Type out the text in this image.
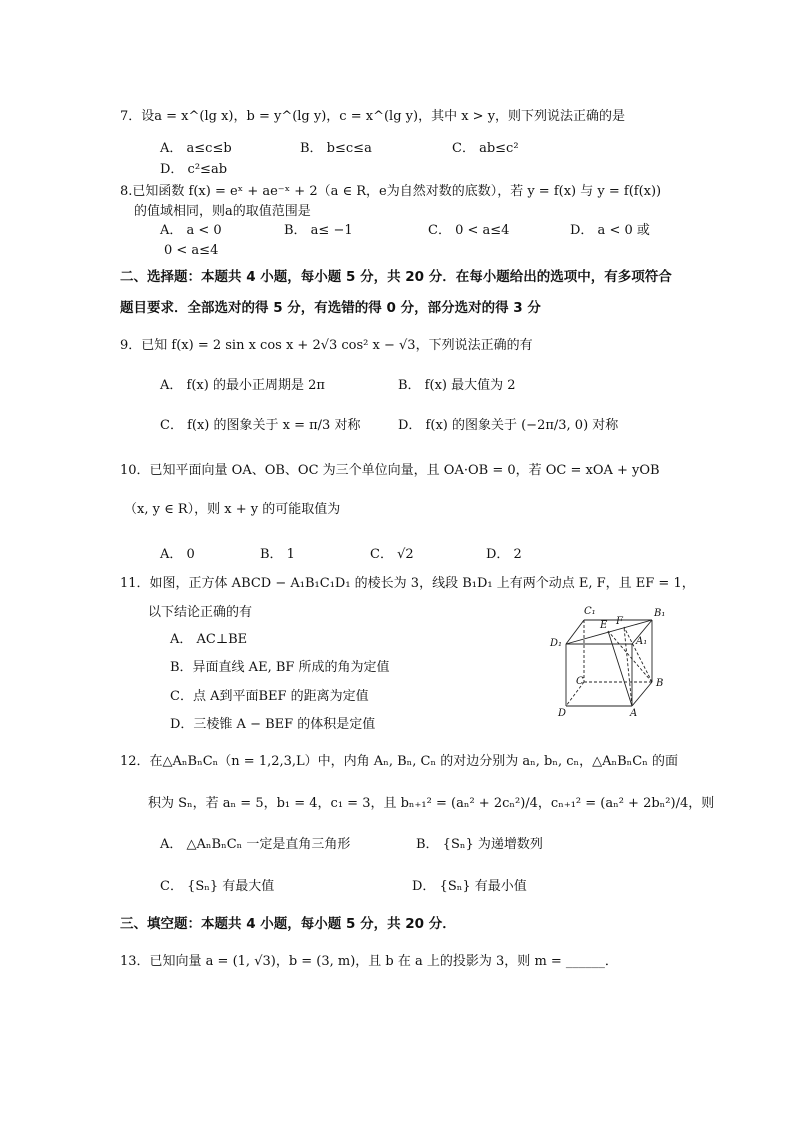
7．设a = x^(lg x)，b = y^(lg y)，c = x^(lg y)，其中 x > y，则下列说法正确的是
A． a≤c≤b	B． b≤c≤a	C． ab≤c²
D． c²≤ab
8.已知函数 f(x) = eˣ + ae⁻ˣ + 2（a ∈ R，e为自然对数的底数），若 y = f(x) 与 y = f(f(x))
的值域相同，则a的取值范围是
A． a < 0	B． a≤ −1	C． 0 < a≤4	D． a < 0 或
0 < a≤4
二、选择题：本题共 4 小题，每小题 5 分，共 20 分．在每小题给出的选项中，有多项符合
题目要求．全部选对的得 5 分，有选错的得 0 分，部分选对的得 3 分
9．已知 f(x) = 2 sin x cos x + 2√3 cos² x − √3，下列说法正确的有
A． f(x) 的最小正周期是 2π	B． f(x) 最大值为 2
C． f(x) 的图象关于 x = π/3 对称	D． f(x) 的图象关于 (−2π/3, 0) 对称
10．已知平面向量 OA、OB、OC 为三个单位向量，且 OA·OB = 0，若 OC = xOA + yOB
（x, y ∈ R），则 x + y 的可能取值为
A． 0	B． 1	C． √2	D． 2
11．如图，正方体 ABCD − A₁B₁C₁D₁ 的棱长为 3，线段 B₁D₁ 上有两个动点 E, F，且 EF = 1，
以下结论正确的有
A． AC⊥BE
B．异面直线 AE, BF 所成的角为定值
C．点 A到平面BEF 的距离为定值
D．三棱锥 A − BEF 的体积是定值
C₁	B₁
D₁	A₁
E F
C	B
D	A
12．在△AₙBₙCₙ（n = 1,2,3,L）中，内角 Aₙ, Bₙ, Cₙ 的对边分别为 aₙ, bₙ, cₙ，△AₙBₙCₙ 的面
积为 Sₙ，若 aₙ = 5，b₁ = 4，c₁ = 3，且 bₙ₊₁² = (aₙ² + 2cₙ²)/4，cₙ₊₁² = (aₙ² + 2bₙ²)/4，则
A． △AₙBₙCₙ 一定是直角三角形	B． {Sₙ} 为递增数列
C． {Sₙ} 有最大值	D． {Sₙ} 有最小值
三、填空题：本题共 4 小题，每小题 5 分，共 20 分．
13．已知向量 a = (1, √3)，b = (3, m)，且 b 在 a 上的投影为 3，则 m = ______．
